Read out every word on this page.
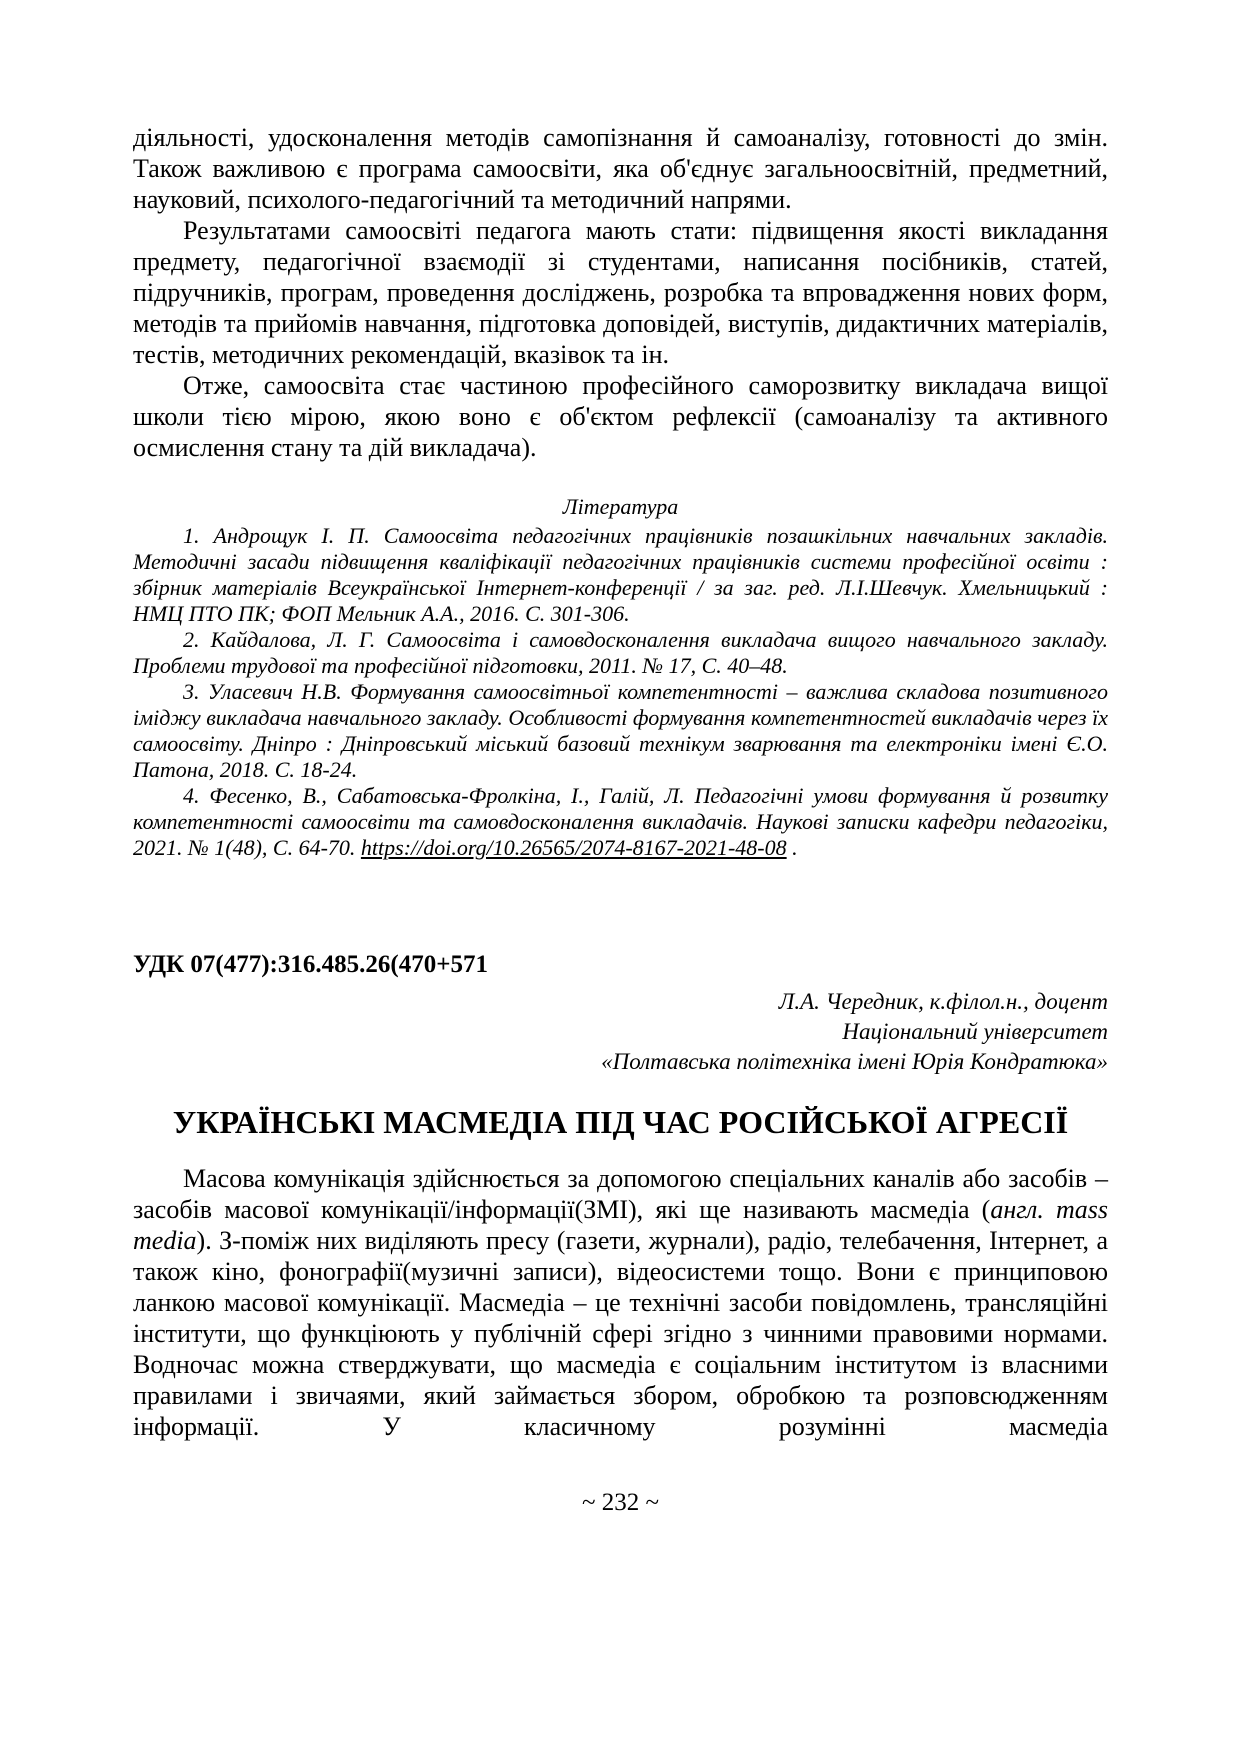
діяльності, удосконалення методів самопізнання й самоаналізу, готовності до змін. Також важливою є програма самоосвіти, яка об'єднує загальноосвітній, предметний, науковий, психолого-педагогічний та методичний напрями.

Результатами самоосвіті педагога мають стати: підвищення якості викладання предмету, педагогічної взаємодії зі студентами, написання посібників, статей, підручників, програм, проведення досліджень, розробка та впровадження нових форм, методів та прийомів навчання, підготовка доповідей, виступів, дидактичних матеріалів, тестів, методичних рекомендацій, вказівок та ін.

Отже, самоосвіта стає частиною професійного саморозвитку викладача вищої школи тією мірою, якою воно є об'єктом рефлексії (самоаналізу та активного осмислення стану та дій викладача).

Література

1. Андрощук І. П. Самоосвіта педагогічних працівників позашкільних навчальних закладів. Методичні засади підвищення кваліфікації педагогічних працівників системи професійної освіти : збірник матеріалів Всеукраїнської Інтернет-конференції / за заг. ред. Л.І.Шевчук. Хмельницький : НМЦ ПТО ПК; ФОП Мельник А.А., 2016. С. 301-306.

2. Кайдалова, Л. Г. Самоосвіта і самовдосконалення викладача вищого навчального закладу. Проблеми трудової та професійної підготовки, 2011. № 17, С. 40–48.

3. Уласевич Н.В. Формування самоосвітньої компетентності – важлива складова позитивного іміджу викладача навчального закладу. Особливості формування компетентностей викладачів через їх самоосвіту. Дніпро : Дніпровський міський базовий технікум зварювання та електроніки імені Є.О. Патона, 2018. С. 18-24.

4. Фесенко, В., Сабатовська-Фролкіна, І., Галій, Л. Педагогічні умови формування й розвитку компетентності самоосвіти та самовдосконалення викладачів. Наукові записки кафедри педагогіки, 2021. № 1(48), С. 64-70. https://doi.org/10.26565/2074-8167-2021-48-08 .

УДК 07(477):316.485.26(470+571

Л.А. Чередник, к.філол.н., доцент

Національний університет

«Полтавська політехніка імені Юрія Кондратюка»

УКРАЇНСЬКІ МАСМЕДІА ПІД ЧАС РОСІЙСЬКОЇ АГРЕСІЇ

Масова комунікація здійснюється за допомогою спеціальних каналів або засобів – засобів масової комунікації/інформації(ЗМІ), які ще називають масмедіа (англ. mass media). З-поміж них виділяють пресу (газети, журнали), радіо, телебачення, Інтернет, а також кіно, фонографії(музичні записи), відеосистеми тощо. Вони є принциповою ланкою масової комунікації. Масмедіа – це технічні засоби повідомлень, трансляційні інститути, що функціюють у публічній сфері згідно з чинними правовими нормами. Водночас можна стверджувати, що масмедіа є соціальним інститутом із власними правилами і звичаями, який займається збором, обробкою та розповсюдженням інформації. У класичному розумінні масмедіа

~ 232 ~
